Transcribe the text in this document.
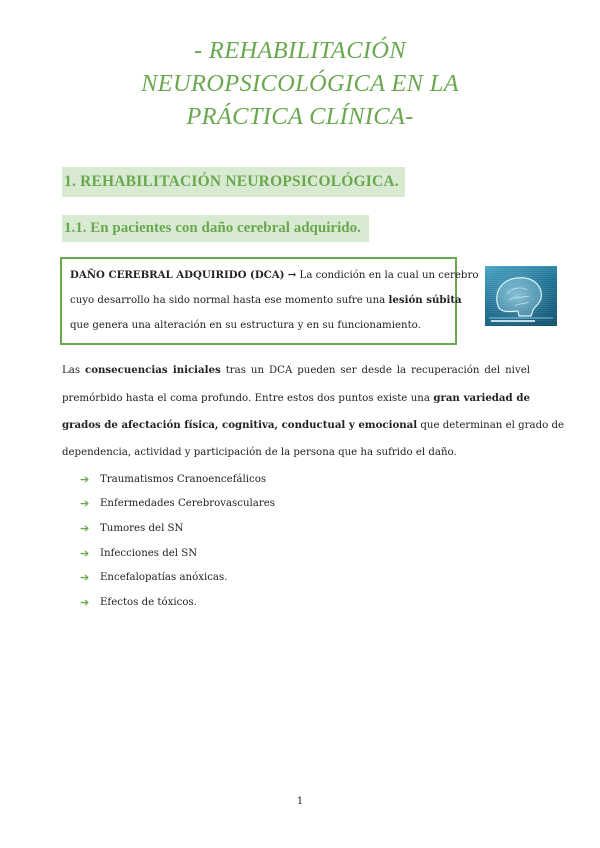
- REHABILITACIÓN
NEUROPSICOLÓGICA EN LA
PRÁCTICA CLÍNICA-
1. REHABILITACIÓN NEUROPSICOLÓGICA.
1.1. En pacientes con daño cerebral adquirido.
DAÑO CEREBRAL ADQUIRIDO (DCA) → La condición en la cual un cerebro
cuyo desarrollo ha sido normal hasta ese momento sufre una lesión súbita
que genera una alteración en su estructura y en su funcionamiento.
Las consecuencias iniciales tras un DCA pueden ser desde la recuperación del nivel
premórbido hasta el coma profundo. Entre estos dos puntos existe una gran variedad de
grados de afectación física, cognitiva, conductual y emocional que determinan el grado de
dependencia, actividad y participación de la persona que ha sufrido el daño.
➔	Traumatismos Cranoencefálicos
➔	Enfermedades Cerebrovasculares
➔	Tumores del SN
➔	Infecciones del SN
➔	Encefalopatías anóxicas.
➔	Efectos de tóxicos.
1
